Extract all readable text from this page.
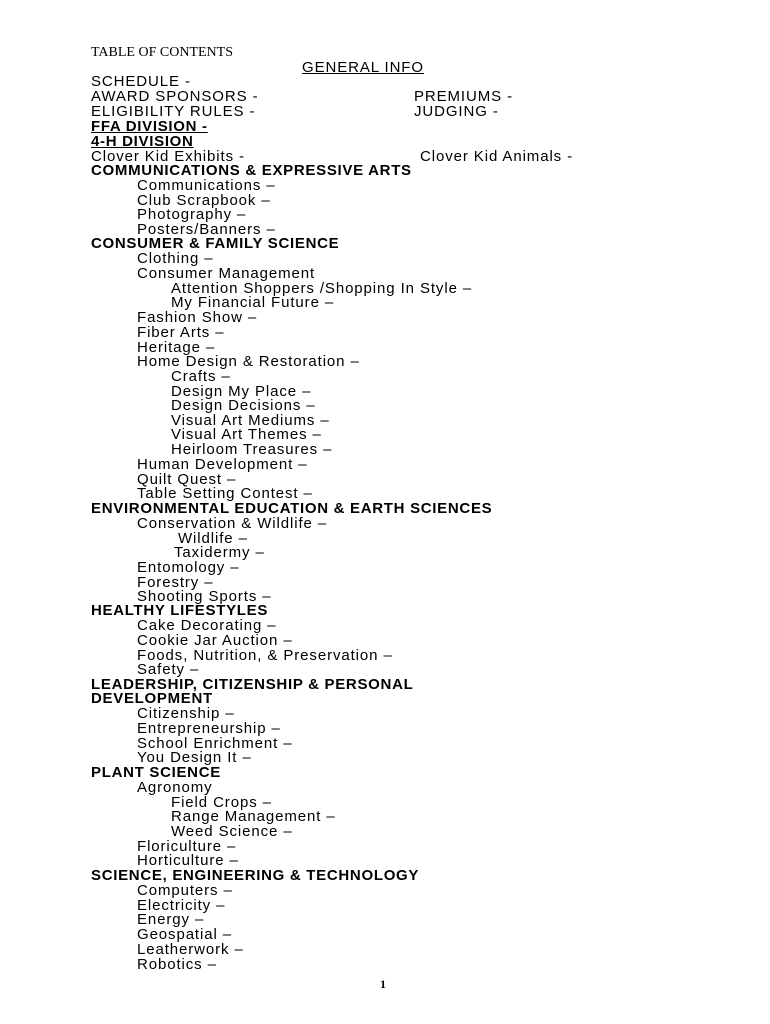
TABLE OF CONTENTS
GENERAL INFO
SCHEDULE -
AWARD SPONSORS -	PREMIUMS -
ELIGIBILITY RULES -	JUDGING -
FFA DIVISION -
4-H DIVISION
Clover Kid Exhibits -	Clover Kid Animals -
COMMUNICATIONS & EXPRESSIVE ARTS
Communications –
Club Scrapbook –
Photography –
Posters/Banners –
CONSUMER & FAMILY SCIENCE
Clothing –
Consumer Management
Attention Shoppers /Shopping In Style –
My Financial Future –
Fashion Show –
Fiber Arts –
Heritage –
Home Design & Restoration –
Crafts –
Design My Place –
Design Decisions –
Visual Art Mediums –
Visual Art Themes –
Heirloom Treasures –
Human Development –
Quilt Quest –
Table Setting Contest –
ENVIRONMENTAL EDUCATION & EARTH SCIENCES
Conservation & Wildlife –
Wildlife –
Taxidermy –
Entomology –
Forestry –
Shooting Sports –
HEALTHY LIFESTYLES
Cake Decorating –
Cookie Jar Auction –
Foods, Nutrition, & Preservation –
Safety –
LEADERSHIP, CITIZENSHIP & PERSONAL
DEVELOPMENT
Citizenship –
Entrepreneurship –
School Enrichment –
You Design It –
PLANT SCIENCE
Agronomy
Field Crops –
Range Management –
Weed Science –
Floriculture –
Horticulture –
SCIENCE, ENGINEERING & TECHNOLOGY
Computers –
Electricity –
Energy –
Geospatial –
Leatherwork –
Robotics –
1
